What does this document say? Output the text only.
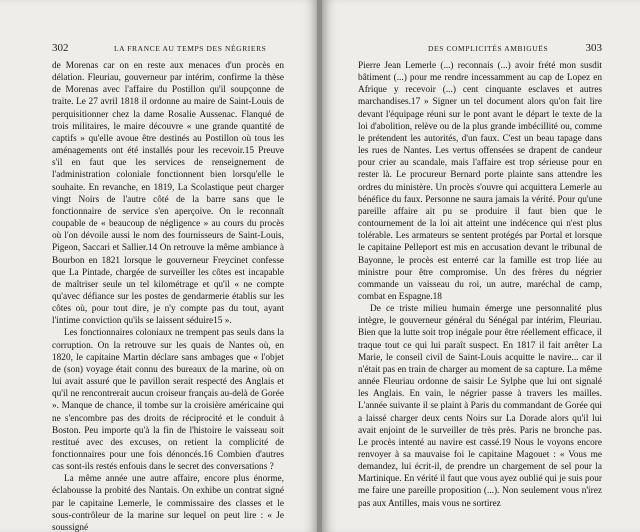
302	LA FRANCE AU TEMPS DES NÉGRIERS

de Morenas car on en reste aux menaces d'un procès en délation. Fleuriau, gouverneur par intérim, confirme la thèse de Morenas avec l'affaire du Postillon qu'il soupçonne de traite. Le 27 avril 1818 il ordonne au maire de Saint-Louis de perquisitionner chez la dame Rosalie Aussenac. Flanqué de trois militaires, le maire découvre « une grande quantité de captifs » qu'elle avoue être destinés au Postillon où tous les aménagements ont été installés pour les recevoir.15 Preuve s'il en faut que les services de renseignement de l'administration coloniale fonctionnent bien lorsqu'elle le souhaite. En revanche, en 1819, La Scolastique peut charger vingt Noirs de l'autre côté de la barre sans que le fonctionnaire de service s'en aperçoive. On le reconnaît coupable de « beaucoup de négligence » au cours du procès où l'on dévoile aussi le nom des fournisseurs de Saint-Louis, Pigeon, Saccari et Sallier.14 On retrouve la même ambiance à Bourbon en 1821 lorsque le gouverneur Freycinet confesse que La Pintade, chargée de surveiller les côtes est incapable de maîtriser seule un tel kilométrage et qu'il « ne compte qu'avec défiance sur les postes de gendarmerie établis sur les côtes où, pour tout dire, je n'y compte pas du tout, ayant l'intime conviction qu'ils se laissent séduire15 ».

Les fonctionnaires coloniaux ne trempent pas seuls dans la corruption. On la retrouve sur les quais de Nantes où, en 1820, le capitaine Martin déclare sans ambages que « l'objet de (son) voyage était connu des bureaux de la marine, où on lui avait assuré que le pavillon serait respecté des Anglais et qu'il ne rencontrerait aucun croiseur français au-delà de Gorée ». Manque de chance, il tombe sur la croisière américaine qui ne s'encombre pas des droits de réciprocité et le conduit à Boston. Peu importe qu'à la fin de l'histoire le vaisseau soit restitué avec des excuses, on retient la complicité de fonctionnaires pour une fois dénoncés.16 Combien d'autres cas sont-ils restés enfouis dans le secret des conversations ?

La même année une autre affaire, encore plus énorme, éclabousse la probité des Nantais. On exhibe un contrat signé par le capitaine Lemerle, le commissaire des classes et le sous-contrôleur de la marine sur lequel on peut lire : « Je soussigné

DES COMPLICITÉS AMBIGUËS	303

Pierre Jean Lemerle (...) reconnais (...) avoir frété mon susdit bâtiment (...) pour me rendre incessamment au cap de Lopez en Afrique y recevoir (...) cent cinquante esclaves et autres marchandises.17 » Signer un tel document alors qu'on fait lire devant l'équipage réuni sur le pont avant le départ le texte de la loi d'abolition, relève ou de la plus grande imbécillité ou, comme le prétendent les autorités, d'un faux. C'est un beau tapage dans les rues de Nantes. Les vertus offensées se drapent de candeur pour crier au scandale, mais l'affaire est trop sérieuse pour en rester là. Le procureur Bernard porte plainte sans attendre les ordres du ministère. Un procès s'ouvre qui acquittera Lemerle au bénéfice du faux. Personne ne saura jamais la vérité. Pour qu'une pareille affaire ait pu se produire il faut bien que le contournement de la loi ait atteint une indécence qui n'est plus tolérable. Les armateurs se sentent protégés par Portal et lorsque le capitaine Pelleport est mis en accusation devant le tribunal de Bayonne, le procès est enterré car la famille est trop liée au ministre pour être compromise. Un des frères du négrier commande un vaisseau du roi, un autre, maréchal de camp, combat en Espagne.18

De ce triste milieu humain émerge une personnalité plus intègre, le gouverneur général du Sénégal par intérim, Fleuriau. Bien que la lutte soit trop inégale pour être réellement efficace, il traque tout ce qui lui paraît suspect. En 1817 il fait arrêter La Marie, le conseil civil de Saint-Louis acquitte le navire... car il n'était pas en train de charger au moment de sa capture. La même année Fleuriau ordonne de saisir Le Sylphe que lui ont signalé les Anglais. En vain, le négrier passe à travers les mailles. L'année suivante il se plaint à Paris du commandant de Gorée qui a laissé charger deux cents Noirs sur La Dorade alors qu'il lui avait enjoint de le surveiller de très près. Paris ne bronche pas. Le procès intenté au navire est cassé.19 Nous le voyons encore renvoyer à sa mauvaise foi le capitaine Magouet : « Vous me demandez, lui écrit-il, de prendre un chargement de sel pour la Martinique. En vérité il faut que vous ayez oublié qui je suis pour me faire une pareille proposition (...). Non seulement vous n'irez pas aux Antilles, mais vous ne sortirez
